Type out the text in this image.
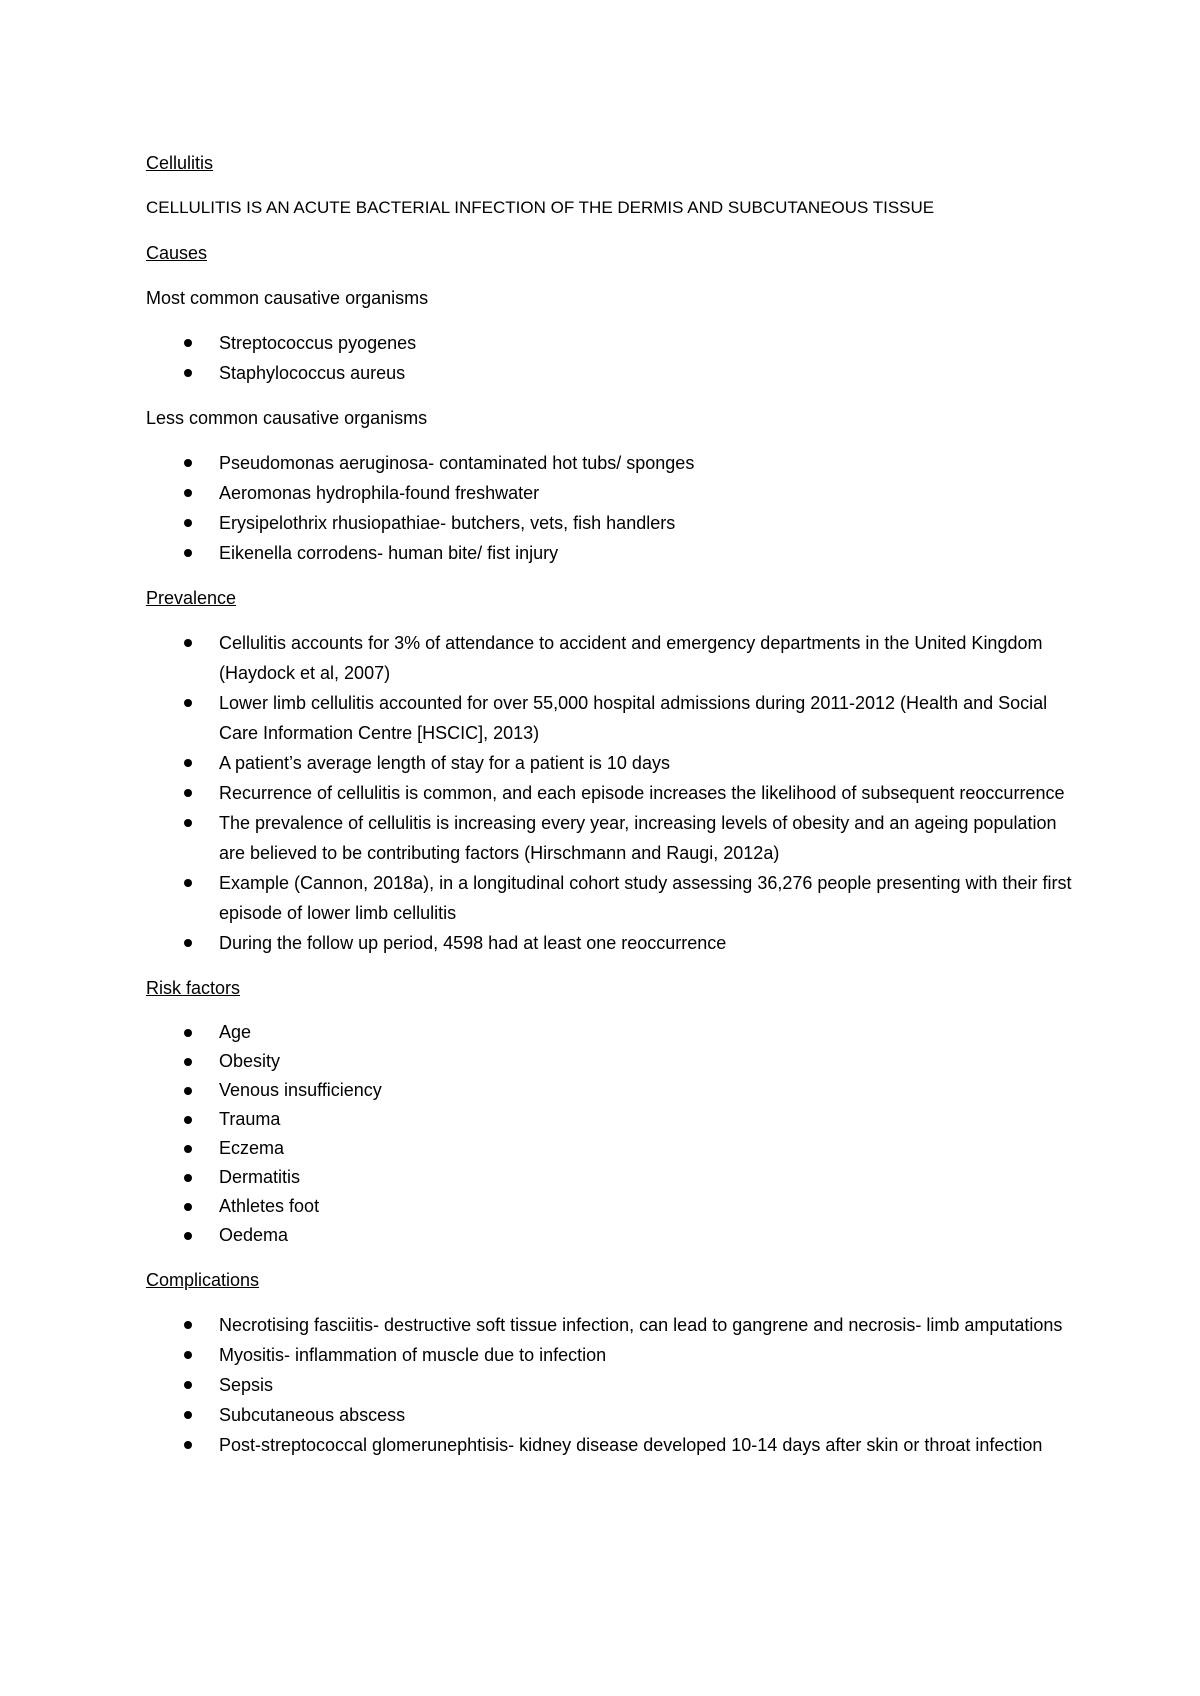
Cellulitis
CELLULITIS IS AN ACUTE BACTERIAL INFECTION OF THE DERMIS AND SUBCUTANEOUS TISSUE
Causes
Most common causative organisms
Streptococcus pyogenes
Staphylococcus aureus
Less common causative organisms
Pseudomonas aeruginosa- contaminated hot tubs/ sponges
Aeromonas hydrophila-found freshwater
Erysipelothrix rhusiopathiae- butchers, vets, fish handlers
Eikenella corrodens- human bite/ fist injury
Prevalence
Cellulitis accounts for 3% of attendance to accident and emergency departments in the United Kingdom (Haydock et al, 2007)
Lower limb cellulitis accounted for over 55,000 hospital admissions during 2011-2012 (Health and Social Care Information Centre [HSCIC], 2013)
A patient’s average length of stay for a patient is 10 days
Recurrence of cellulitis is common, and each episode increases the likelihood of subsequent reoccurrence
The prevalence of cellulitis is increasing every year, increasing levels of obesity and an ageing population are believed to be contributing factors (Hirschmann and Raugi, 2012a)
Example (Cannon, 2018a), in a longitudinal cohort study assessing 36,276 people presenting with their first episode of lower limb cellulitis
During the follow up period, 4598 had at least one reoccurrence
Risk factors
Age
Obesity
Venous insufficiency
Trauma
Eczema
Dermatitis
Athletes foot
Oedema
Complications
Necrotising fasciitis- destructive soft tissue infection, can lead to gangrene and necrosis- limb amputations
Myositis- inflammation of muscle due to infection
Sepsis
Subcutaneous abscess
Post-streptococcal glomerunephtisis- kidney disease developed 10-14 days after skin or throat infection
